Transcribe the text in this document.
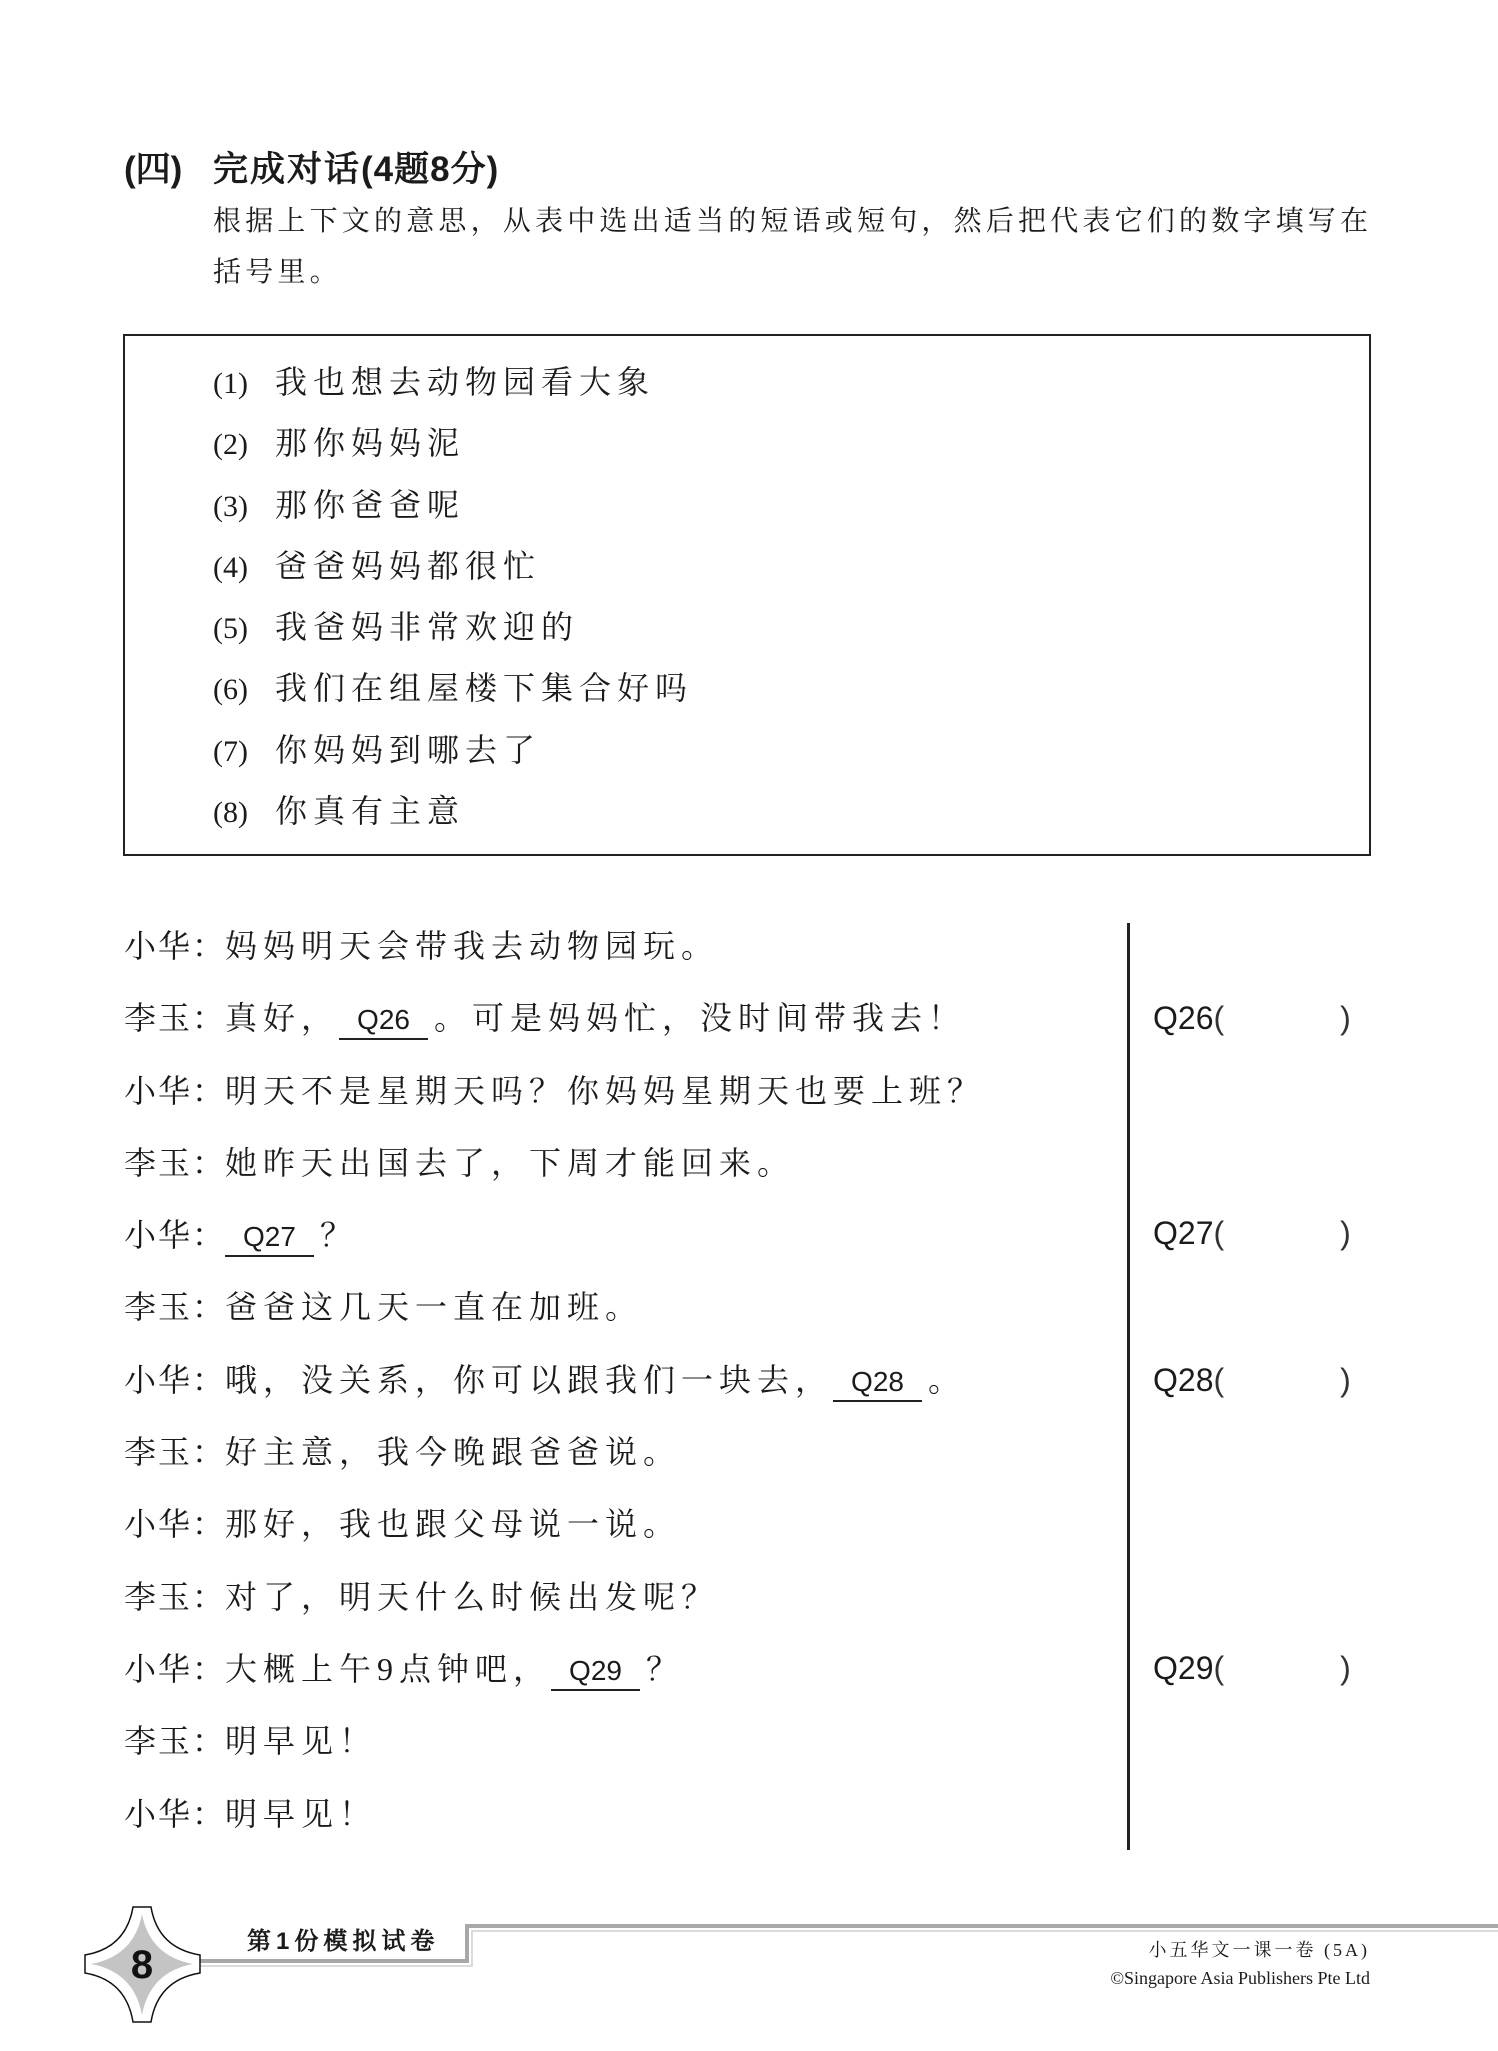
(四) 完成对话(4题8分)
根据上下文的意思，从表中选出适当的短语或短句，然后把代表它们的数字填写在括号里。
(1) 我也想去动物园看大象
(2) 那你妈妈泥
(3) 那你爸爸呢
(4) 爸爸妈妈都很忙
(5) 我爸妈非常欢迎的
(6) 我们在组屋楼下集合好吗
(7) 你妈妈到哪去了
(8) 你真有主意
小华：妈妈明天会带我去动物园玩。
李玉：真好， Q26 。可是妈妈忙，没时间带我去！
小华：明天不是星期天吗？你妈妈星期天也要上班？
李玉：她昨天出国去了，下周才能回来。
小华： Q27 ？
李玉：爸爸这几天一直在加班。
小华：哦，没关系，你可以跟我们一块去， Q28 。
李玉：好主意，我今晚跟爸爸说。
小华：那好，我也跟父母说一说。
李玉：对了，明天什么时候出发呢？
小华：大概上午9点钟吧， Q29 ？
李玉：明早见！
小华：明早见！
Q26(	)
Q27(	)
Q28(	)
Q29(	)
8
第1份模拟试卷	小五华文一课一卷 (5A)
©Singapore Asia Publishers Pte Ltd
